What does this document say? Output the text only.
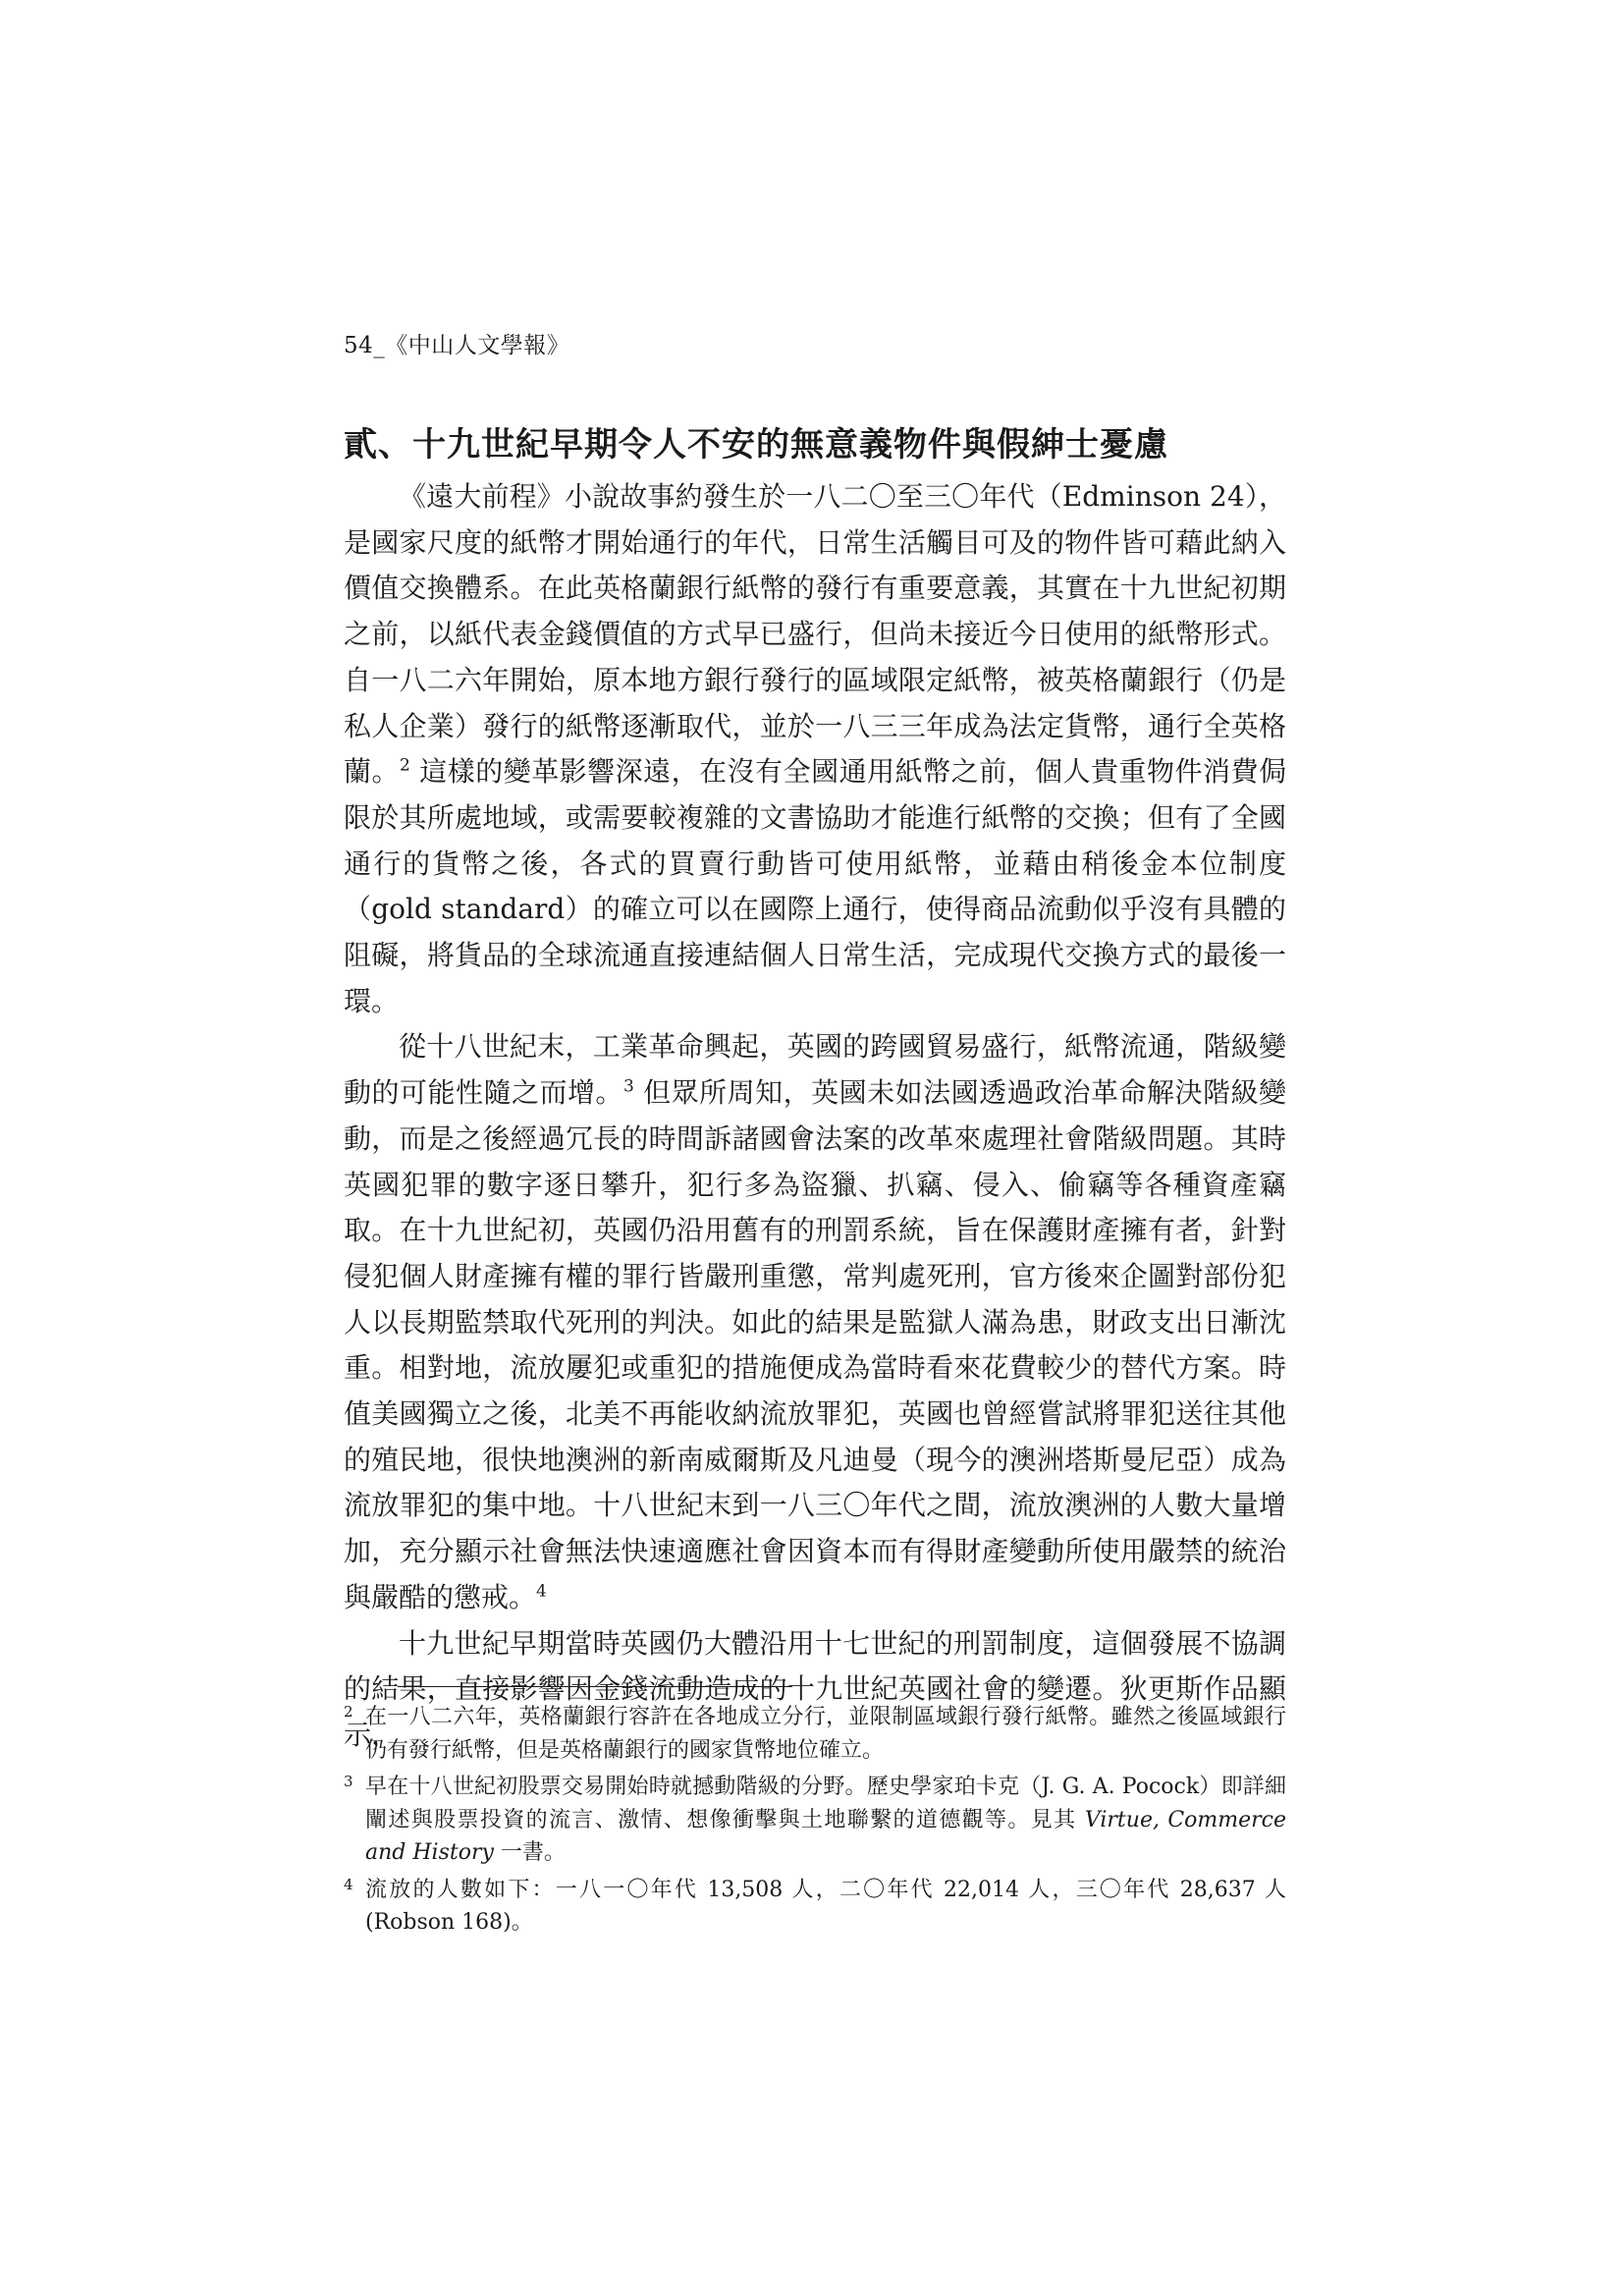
54_《中山人文學報》
貳、十九世紀早期令人不安的無意義物件與假紳士憂慮

《遠大前程》小說故事約發生於一八二〇至三〇年代（Edminson 24），是國家尺度的紙幣才開始通行的年代，日常生活觸目可及的物件皆可藉此納入價值交換體系。在此英格蘭銀行紙幣的發行有重要意義，其實在十九世紀初期之前，以紙代表金錢價值的方式早已盛行，但尚未接近今日使用的紙幣形式。自一八二六年開始，原本地方銀行發行的區域限定紙幣，被英格蘭銀行（仍是私人企業）發行的紙幣逐漸取代，並於一八三三年成為法定貨幣，通行全英格蘭。$^2$ 這樣的變革影響深遠，在沒有全國通用紙幣之前，個人貴重物件消費侷限於其所處地域，或需要較複雜的文書協助才能進行紙幣的交換；但有了全國通行的貨幣之後，各式的買賣行動皆可使用紙幣，並藉由稍後金本位制度（gold standard）的確立可以在國際上通行，使得商品流動似乎沒有具體的阻礙，將貨品的全球流通直接連結個人日常生活，完成現代交換方式的最後一環。

從十八世紀末，工業革命興起，英國的跨國貿易盛行，紙幣流通，階級變動的可能性隨之而增。$^3$ 但眾所周知，英國未如法國透過政治革命解決階級變動，而是之後經過冗長的時間訴諸國會法案的改革來處理社會階級問題。其時英國犯罪的數字逐日攀升，犯行多為盜獵、扒竊、侵入、偷竊等各種資產竊取。在十九世紀初，英國仍沿用舊有的刑罰系統，旨在保護財產擁有者，針對侵犯個人財產擁有權的罪行皆嚴刑重懲，常判處死刑，官方後來企圖對部份犯人以長期監禁取代死刑的判決。如此的結果是監獄人滿為患，財政支出日漸沈重。相對地，流放屢犯或重犯的措施便成為當時看來花費較少的替代方案。時值美國獨立之後，北美不再能收納流放罪犯，英國也曾經嘗試將罪犯送往其他的殖民地，很快地澳洲的新南威爾斯及凡迪曼（現今的澳洲塔斯曼尼亞）成為流放罪犯的集中地。十八世紀末到一八三〇年代之間，流放澳洲的人數大量增加，充分顯示社會無法快速適應社會因資本而有得財產變動所使用嚴禁的統治與嚴酷的懲戒。$^4$

十九世紀早期當時英國仍大體沿用十七世紀的刑罰制度，這個發展不協調的結果，直接影響因金錢流動造成的十九世紀英國社會的變遷。狄更斯作品顯示，

2 在一八二六年，英格蘭銀行容許在各地成立分行，並限制區域銀行發行紙幣。雖然之後區域銀行仍有發行紙幣，但是英格蘭銀行的國家貨幣地位確立。
3 早在十八世紀初股票交易開始時就撼動階級的分野。歷史學家珀卡克（J. G. A. Pocock）即詳細闡述與股票投資的流言、激情、想像衝擊與土地聯繫的道德觀等。見其 Virtue, Commerce and History 一書。
4 流放的人數如下：一八一〇年代 13,508 人，二〇年代 22,014 人，三〇年代 28,637 人(Robson 168)。
